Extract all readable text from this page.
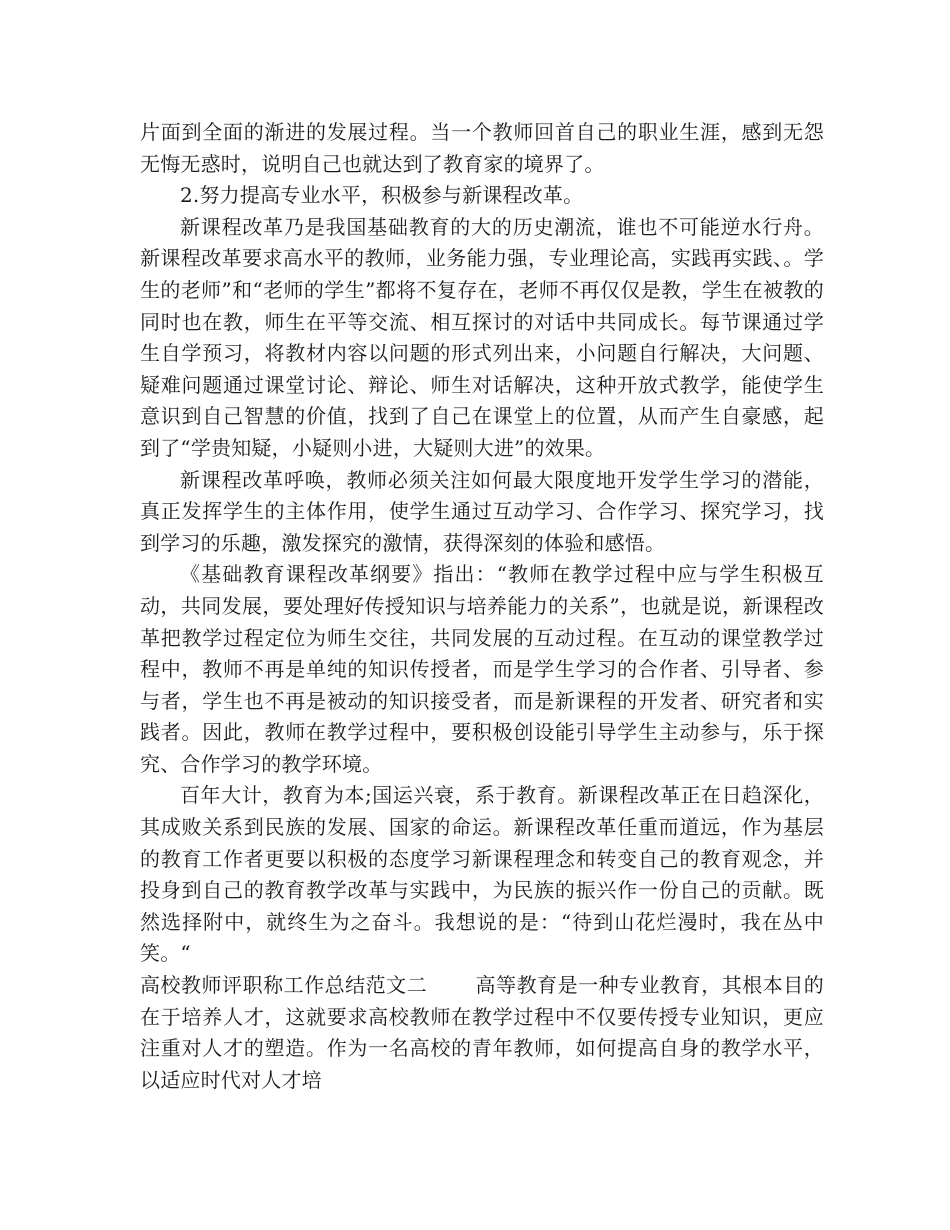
片面到全面的渐进的发展过程。当一个教师回首自己的职业生涯，感到无怨无悔无惑时，说明自己也就达到了教育家的境界了。

2.努力提高专业水平，积极参与新课程改革。

新课程改革乃是我国基础教育的大的历史潮流，谁也不可能逆水行舟。新课程改革要求高水平的教师，业务能力强，专业理论高，实践再实践、。学生的老师”和“老师的学生”都将不复存在，老师不再仅仅是教，学生在被教的同时也在教，师生在平等交流、相互探讨的对话中共同成长。每节课通过学生自学预习，将教材内容以问题的形式列出来，小问题自行解决，大问题、疑难问题通过课堂讨论、辩论、师生对话解决，这种开放式教学，能使学生意识到自己智慧的价值，找到了自己在课堂上的位置，从而产生自豪感，起到了“学贵知疑，小疑则小进，大疑则大进”的效果。

新课程改革呼唤，教师必须关注如何最大限度地开发学生学习的潜能，真正发挥学生的主体作用，使学生通过互动学习、合作学习、探究学习，找到学习的乐趣，激发探究的激情，获得深刻的体验和感悟。

《基础教育课程改革纲要》指出：“教师在教学过程中应与学生积极互动，共同发展，要处理好传授知识与培养能力的关系”，也就是说，新课程改革把教学过程定位为师生交往，共同发展的互动过程。在互动的课堂教学过程中，教师不再是单纯的知识传授者，而是学生学习的合作者、引导者、参与者，学生也不再是被动的知识接受者，而是新课程的开发者、研究者和实践者。因此，教师在教学过程中，要积极创设能引导学生主动参与，乐于探究、合作学习的教学环境。

百年大计，教育为本;国运兴衰，系于教育。新课程改革正在日趋深化，其成败关系到民族的发展、国家的命运。新课程改革任重而道远，作为基层的教育工作者更要以积极的态度学习新课程理念和转变自己的教育观念，并投身到自己的教育教学改革与实践中，为民族的振兴作一份自己的贡献。既然选择附中，就终生为之奋斗。我想说的是：“待到山花烂漫时，我在丛中笑。“

高校教师评职称工作总结范文二 高等教育是一种专业教育，其根本目的在于培养人才，这就要求高校教师在教学过程中不仅要传授专业知识，更应注重对人才的塑造。作为一名高校的青年教师，如何提高自身的教学水平，以适应时代对人才培
